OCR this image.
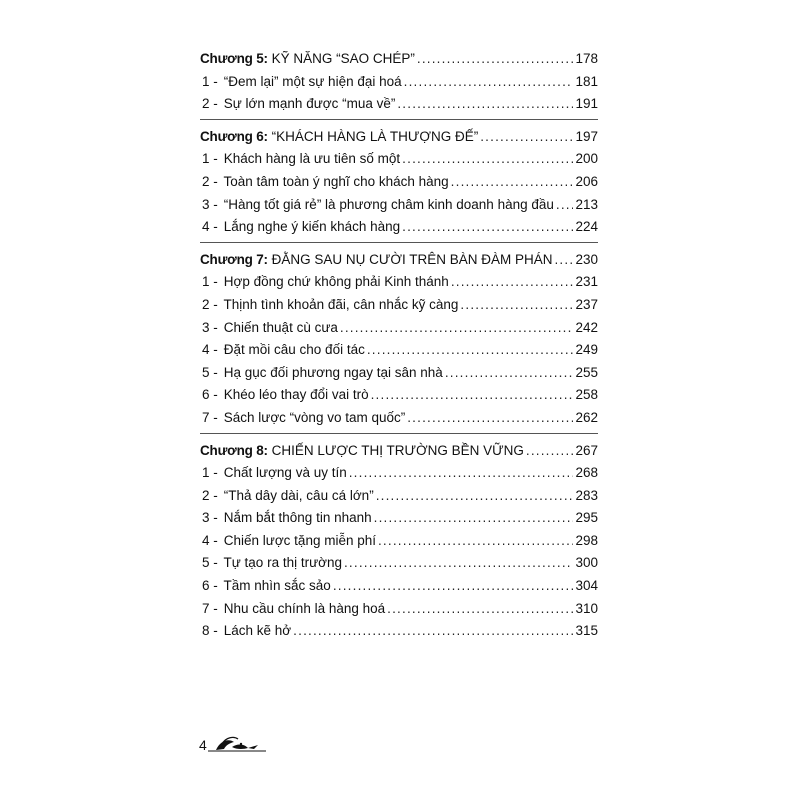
Chương 5: KỸ NĂNG “SAO CHÉP” .....	178
1 - “Đem lại” một sự hiện đại hoá .....	181
2 - Sự lớn mạnh được “mua về” .....	191
Chương 6: “KHÁCH HÀNG LÀ THƯỢNG ĐẾ” .....	197
1 - Khách hàng là ưu tiên số một .....	200
2 - Toàn tâm toàn ý nghĩ cho khách hàng .....	206
3 - “Hàng tốt giá rẻ” là phương châm kinh doanh hàng đầu ..... 213
4 - Lắng nghe ý kiến khách hàng .....	224
Chương 7: ĐẰNG SAU NỤ CƯỜI TRÊN BÀN ĐÀM PHÁN ..... 230
1 - Hợp đồng chứ không phải Kinh thánh .....	231
2 - Thịnh tình khoản đãi, cân nhắc kỹ càng .....	237
3 - Chiến thuật cù cưa .....	242
4 - Đặt mồi câu cho đối tác .....	249
5 - Hạ gục đối phương ngay tại sân nhà .....	255
6 - Khéo léo thay đổi vai trò .....	258
7 - Sách lược “vòng vo tam quốc” .....	262
Chương 8: CHIẾN LƯỢC THỊ TRƯỜNG BỀN VỮNG .....	267
1 - Chất lượng và uy tín .....	268
2 - “Thả dây dài, câu cá lớn” .....	283
3 - Nắm bắt thông tin nhanh .....	295
4 - Chiến lược tặng miễn phí .....	298
5 - Tự tạo ra thị trường .....	300
6 - Tầm nhìn sắc sảo .....	304
7 - Nhu cầu chính là hàng hoá .....	310
8 - Lách kẽ hở .....	315
4
